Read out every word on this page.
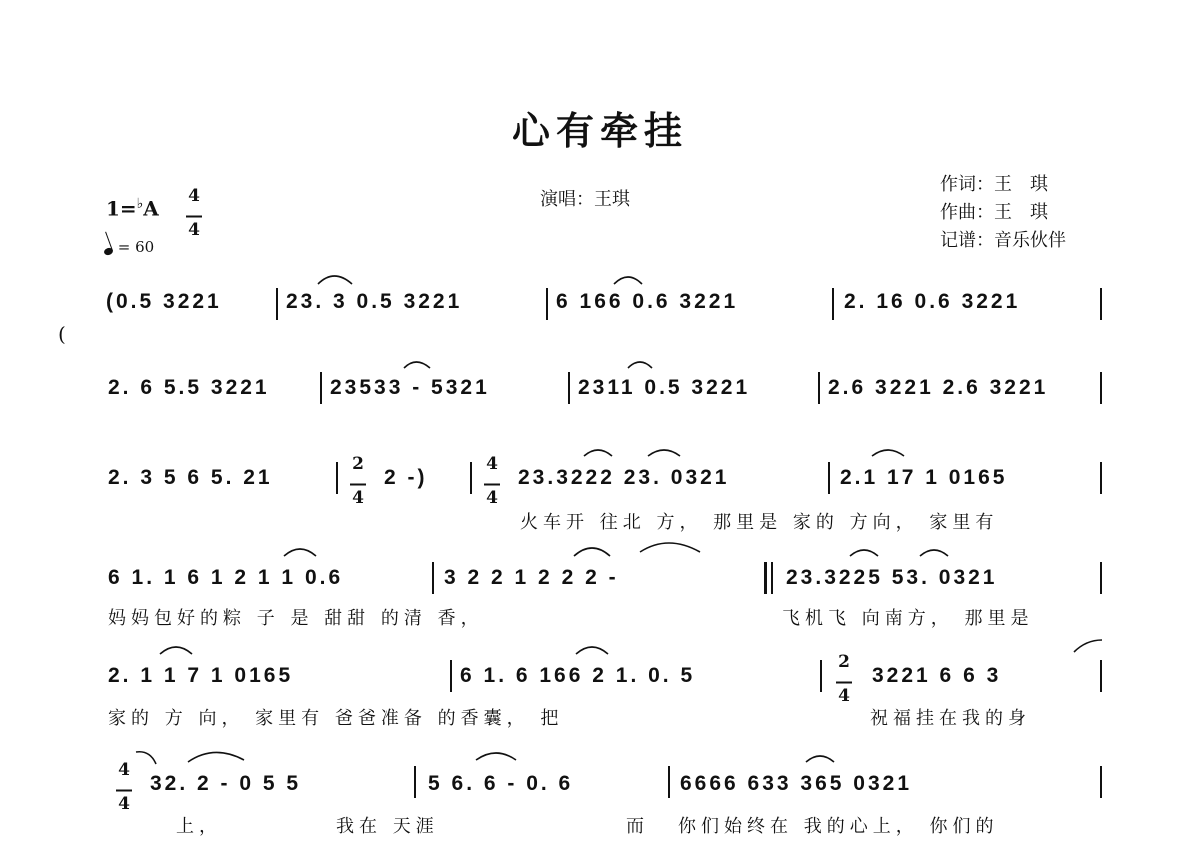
心有牵挂
演唱：王琪
作词：王　琪
作曲：王　琪
记谱：音乐伙伴
1=♭A
4
4
= 60
(
(0.5 3221	23. 3 0.5 3221	6 166 0.6 3221	2. 16 0.6 3221
2. 6 5.5 3221	23533 - 5321	2311 0.5 3221	2.6 3221 2.6 3221
2. 3 5 6 5. 21
2
4
2 -)
4
4
23.3222 23. 0321	2.1 17 1 0165
火车开 往北 方， 那里是 家的 方向， 家里有
6 1. 1 6 1 2 1 1 0.6	3 2 2 1 2 2 2 -	23.3225 53. 0321
妈妈包好的粽 子 是 甜甜 的清 香，	飞机飞 向南方， 那里是
2. 1 1 7 1 0165	6 1. 6 166 2 1. 0. 5
2
4
3221 6 6 3
家的 方 向， 家里有 爸爸准备 的香囊， 把	祝福挂在我的身
4
4
32. 2 - 0 5 5	5 6. 6 - 0. 6	6666 633 365 0321
上，	我在 天涯	而 你们始终在 我的心上， 你们的
